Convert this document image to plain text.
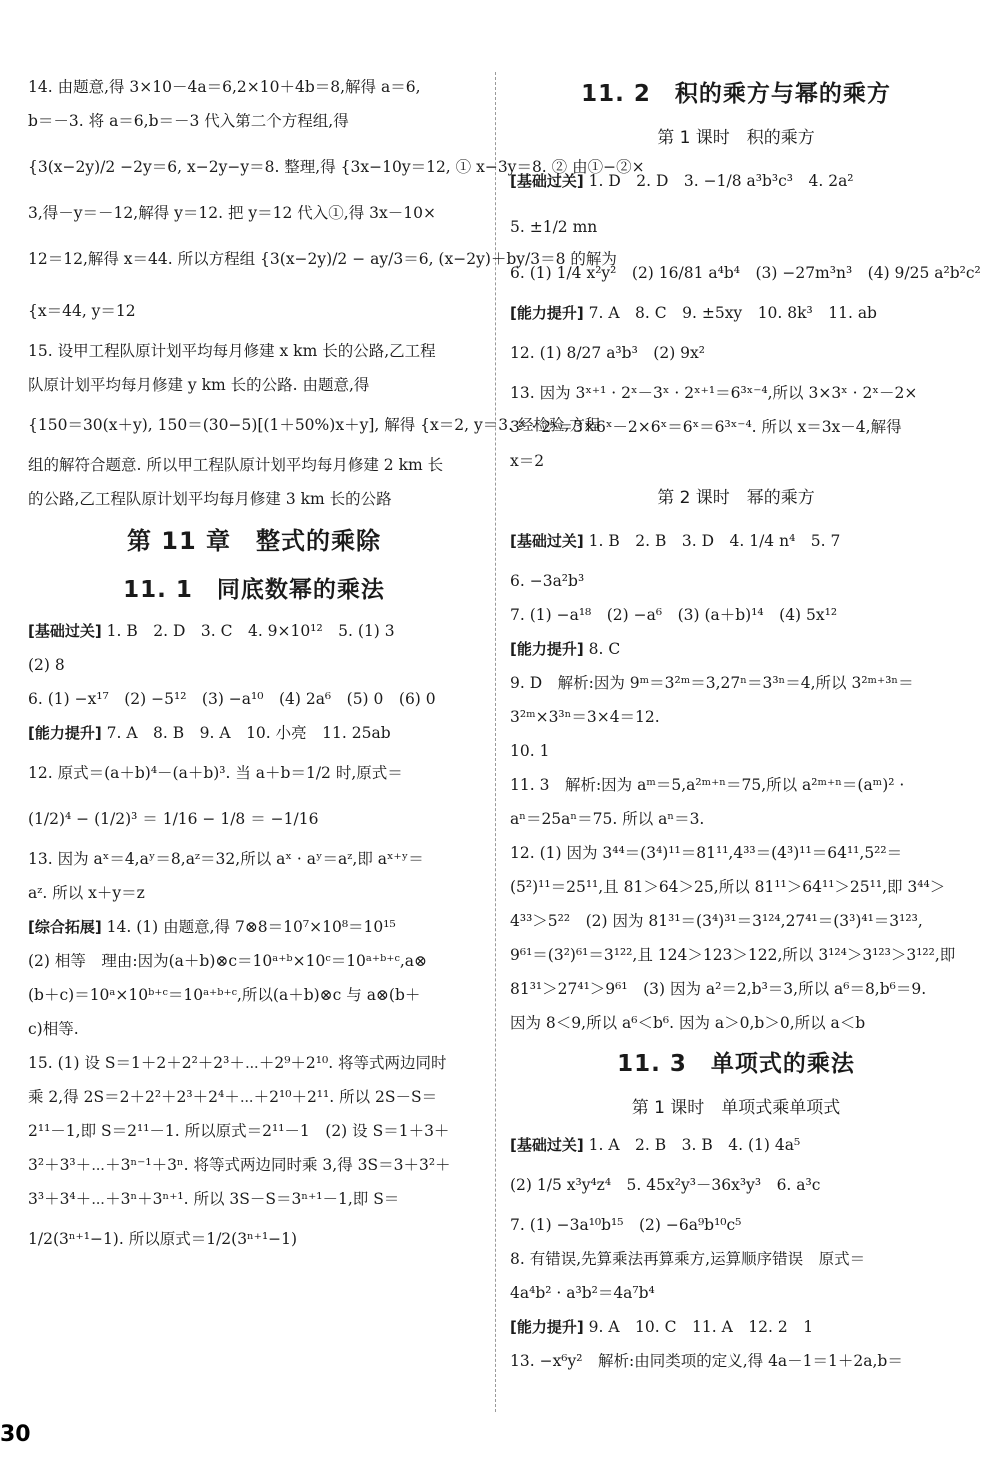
14. 由题意,得 3×10－4a＝6,2×10＋4b＝8,解得 a＝6,
b＝－3. 将 a＝6,b＝－3 代入第二个方程组,得
{3(x−2y)/2 −2y＝6, x−2y−y＝8. 整理,得 {3x−10y＝12, ① x−3y＝8. ② 由①−②×
3,得－y＝－12,解得 y＝12. 把 y＝12 代入①,得 3x－10×
12＝12,解得 x＝44. 所以方程组 {3(x−2y)/2 − ay/3＝6, (x−2y)＋by/3＝8 的解为
{x＝44, y＝12
15. 设甲工程队原计划平均每月修建 x km 长的公路,乙工程
队原计划平均每月修建 y km 长的公路. 由题意,得
{150＝30(x＋y), 150＝(30−5)[(1＋50%)x＋y], 解得 {x＝2, y＝3. 经检验,方程
组的解符合题意. 所以甲工程队原计划平均每月修建 2 km 长
的公路,乙工程队原计划平均每月修建 3 km 长的公路
第 11 章　整式的乘除
11. 1　同底数幂的乘法
[基础过关] 1. B　2. D　3. C　4. 9×10¹²　5. (1) 3
(2) 8
6. (1) −x¹⁷　(2) −5¹²　(3) −a¹⁰　(4) 2a⁶　(5) 0　(6) 0
[能力提升] 7. A　8. B　9. A　10. 小亮　11. 25ab
12. 原式＝(a＋b)⁴－(a＋b)³. 当 a＋b＝1/2 时,原式＝
(1/2)⁴ − (1/2)³ ＝ 1/16 − 1/8 ＝ −1/16
13. 因为 aˣ＝4,aʸ＝8,aᶻ＝32,所以 aˣ · aʸ＝aᶻ,即 aˣ⁺ʸ＝
aᶻ. 所以 x＋y＝z
[综合拓展] 14. (1) 由题意,得 7⊗8＝10⁷×10⁸＝10¹⁵
(2) 相等　理由:因为(a＋b)⊗c＝10ᵃ⁺ᵇ×10ᶜ＝10ᵃ⁺ᵇ⁺ᶜ,a⊗
(b＋c)＝10ᵃ×10ᵇ⁺ᶜ＝10ᵃ⁺ᵇ⁺ᶜ,所以(a＋b)⊗c 与 a⊗(b＋
c)相等.
15. (1) 设 S＝1＋2＋2²＋2³＋⋯＋2⁹＋2¹⁰. 将等式两边同时
乘 2,得 2S＝2＋2²＋2³＋2⁴＋⋯＋2¹⁰＋2¹¹. 所以 2S－S＝
2¹¹－1,即 S＝2¹¹－1. 所以原式＝2¹¹－1　(2) 设 S＝1＋3＋
3²＋3³＋⋯＋3ⁿ⁻¹＋3ⁿ. 将等式两边同时乘 3,得 3S＝3＋3²＋
3³＋3⁴＋⋯＋3ⁿ＋3ⁿ⁺¹. 所以 3S－S＝3ⁿ⁺¹－1,即 S＝
1/2(3ⁿ⁺¹−1). 所以原式＝1/2(3ⁿ⁺¹−1)
11. 2　积的乘方与幂的乘方
第 1 课时　积的乘方
[基础过关] 1. D　2. D　3. −1/8 a³b³c³　4. 2a²
5. ±1/2 mn
6. (1) 1/4 x²y²　(2) 16/81 a⁴b⁴　(3) −27m³n³　(4) 9/25 a²b²c²
[能力提升] 7. A　8. C　9. ±5xy　10. 8k³　11. ab
12. (1) 8/27 a³b³　(2) 9x²
13. 因为 3ˣ⁺¹ · 2ˣ－3ˣ · 2ˣ⁺¹＝6³ˣ⁻⁴,所以 3×3ˣ · 2ˣ－2×
3ˣ · 2ˣ＝3×6ˣ－2×6ˣ＝6ˣ＝6³ˣ⁻⁴. 所以 x＝3x－4,解得
x＝2
第 2 课时　幂的乘方
[基础过关] 1. B　2. B　3. D　4. 1/4 n⁴　5. 7
6. −3a²b³
7. (1) −a¹⁸　(2) −a⁶　(3) (a＋b)¹⁴　(4) 5x¹²
[能力提升] 8. C
9. D　解析:因为 9ᵐ＝3²ᵐ＝3,27ⁿ＝3³ⁿ＝4,所以 3²ᵐ⁺³ⁿ＝
3²ᵐ×3³ⁿ＝3×4＝12.
10. 1
11. 3　解析:因为 aᵐ＝5,a²ᵐ⁺ⁿ＝75,所以 a²ᵐ⁺ⁿ＝(aᵐ)² ·
aⁿ＝25aⁿ＝75. 所以 aⁿ＝3.
12. (1) 因为 3⁴⁴＝(3⁴)¹¹＝81¹¹,4³³＝(4³)¹¹＝64¹¹,5²²＝
(5²)¹¹＝25¹¹,且 81＞64＞25,所以 81¹¹＞64¹¹＞25¹¹,即 3⁴⁴＞
4³³＞5²²　(2) 因为 81³¹＝(3⁴)³¹＝3¹²⁴,27⁴¹＝(3³)⁴¹＝3¹²³,
9⁶¹＝(3²)⁶¹＝3¹²²,且 124＞123＞122,所以 3¹²⁴＞3¹²³＞3¹²²,即
81³¹＞27⁴¹＞9⁶¹　(3) 因为 a²＝2,b³＝3,所以 a⁶＝8,b⁶＝9.
因为 8＜9,所以 a⁶＜b⁶. 因为 a＞0,b＞0,所以 a＜b
11. 3　单项式的乘法
第 1 课时　单项式乘单项式
[基础过关] 1. A　2. B　3. B　4. (1) 4a⁵
(2) 1/5 x³y⁴z⁴　5. 45x²y³－36x³y³　6. a³c
7. (1) −3a¹⁰b¹⁵　(2) −6a⁹b¹⁰c⁵
8. 有错误,先算乘法再算乘方,运算顺序错误　原式＝
4a⁴b² · a³b²＝4a⁷b⁴
[能力提升] 9. A　10. C　11. A　12. 2　1
13. −x⁶y²　解析:由同类项的定义,得 4a－1＝1＋2a,b＝
30
